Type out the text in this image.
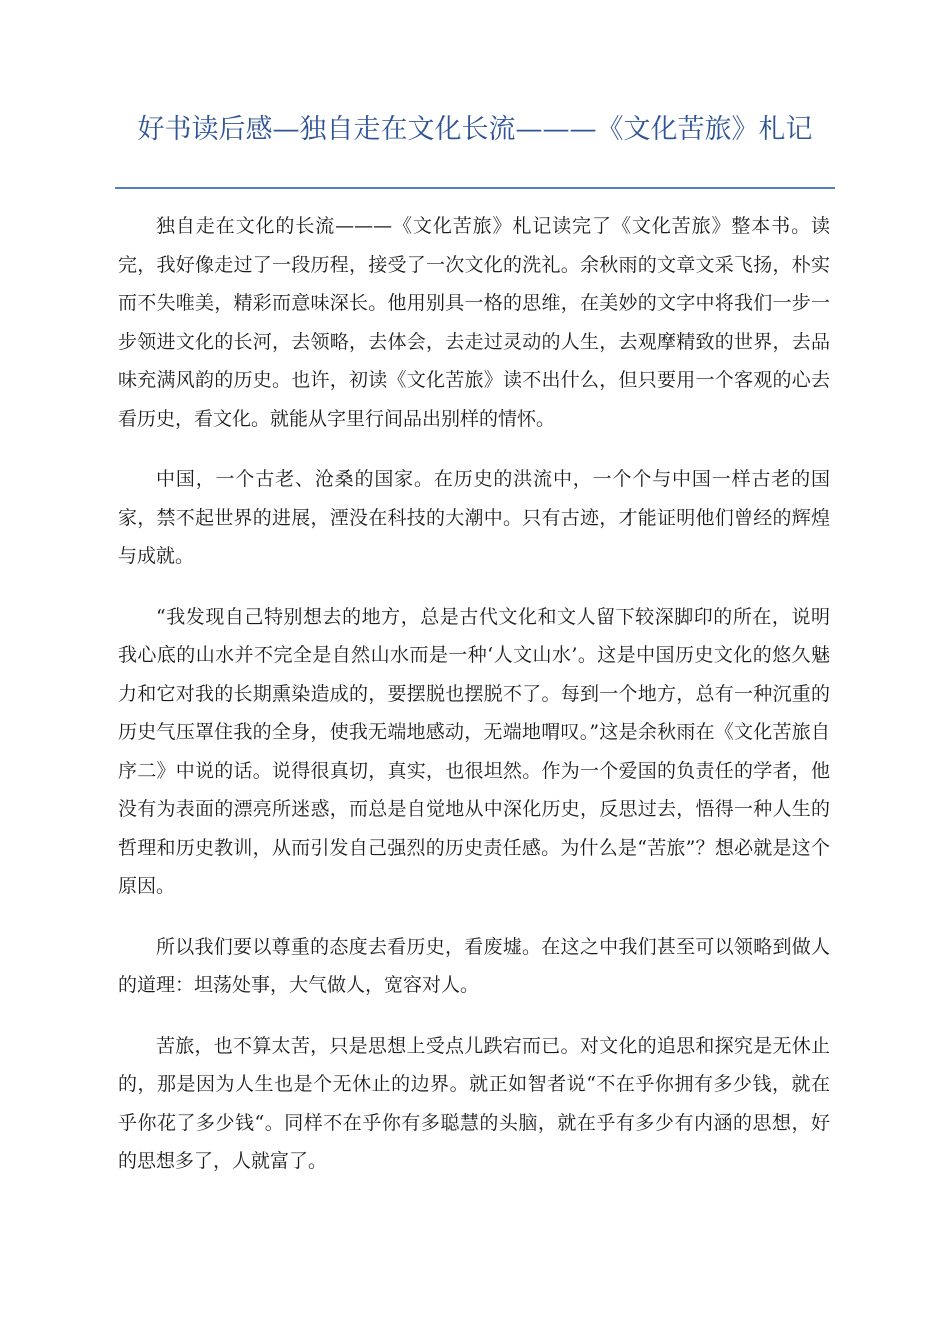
好书读后感—独自走在文化长流———《文化苦旅》札记

独自走在文化的长流———《文化苦旅》札记读完了《文化苦旅》整本书。读完，我好像走过了一段历程，接受了一次文化的洗礼。余秋雨的文章文采飞扬，朴实而不失唯美，精彩而意味深长。他用别具一格的思维，在美妙的文字中将我们一步一步领进文化的长河，去领略，去体会，去走过灵动的人生，去观摩精致的世界，去品味充满风韵的历史。也许，初读《文化苦旅》读不出什么，但只要用一个客观的心去看历史，看文化。就能从字里行间品出别样的情怀。

中国，一个古老、沧桑的国家。在历史的洪流中，一个个与中国一样古老的国家，禁不起世界的进展，湮没在科技的大潮中。只有古迹，才能证明他们曾经的辉煌与成就。

“我发现自己特别想去的地方，总是古代文化和文人留下较深脚印的所在，说明我心底的山水并不完全是自然山水而是一种‘人文山水’。这是中国历史文化的悠久魅力和它对我的长期熏染造成的，要摆脱也摆脱不了。每到一个地方，总有一种沉重的历史气压罩住我的全身，使我无端地感动，无端地喟叹。”这是余秋雨在《文化苦旅自序二》中说的话。说得很真切，真实，也很坦然。作为一个爱国的负责任的学者，他没有为表面的漂亮所迷惑，而总是自觉地从中深化历史，反思过去，悟得一种人生的哲理和历史教训，从而引发自己强烈的历史责任感。为什么是“苦旅”？想必就是这个原因。

所以我们要以尊重的态度去看历史，看废墟。在这之中我们甚至可以领略到做人的道理：坦荡处事，大气做人，宽容对人。

苦旅，也不算太苦，只是思想上受点儿跌宕而已。对文化的追思和探究是无休止的，那是因为人生也是个无休止的边界。就正如智者说“不在乎你拥有多少钱，就在乎你花了多少钱“。同样不在乎你有多聪慧的头脑，就在乎有多少有内涵的思想，好的思想多了，人就富了。
